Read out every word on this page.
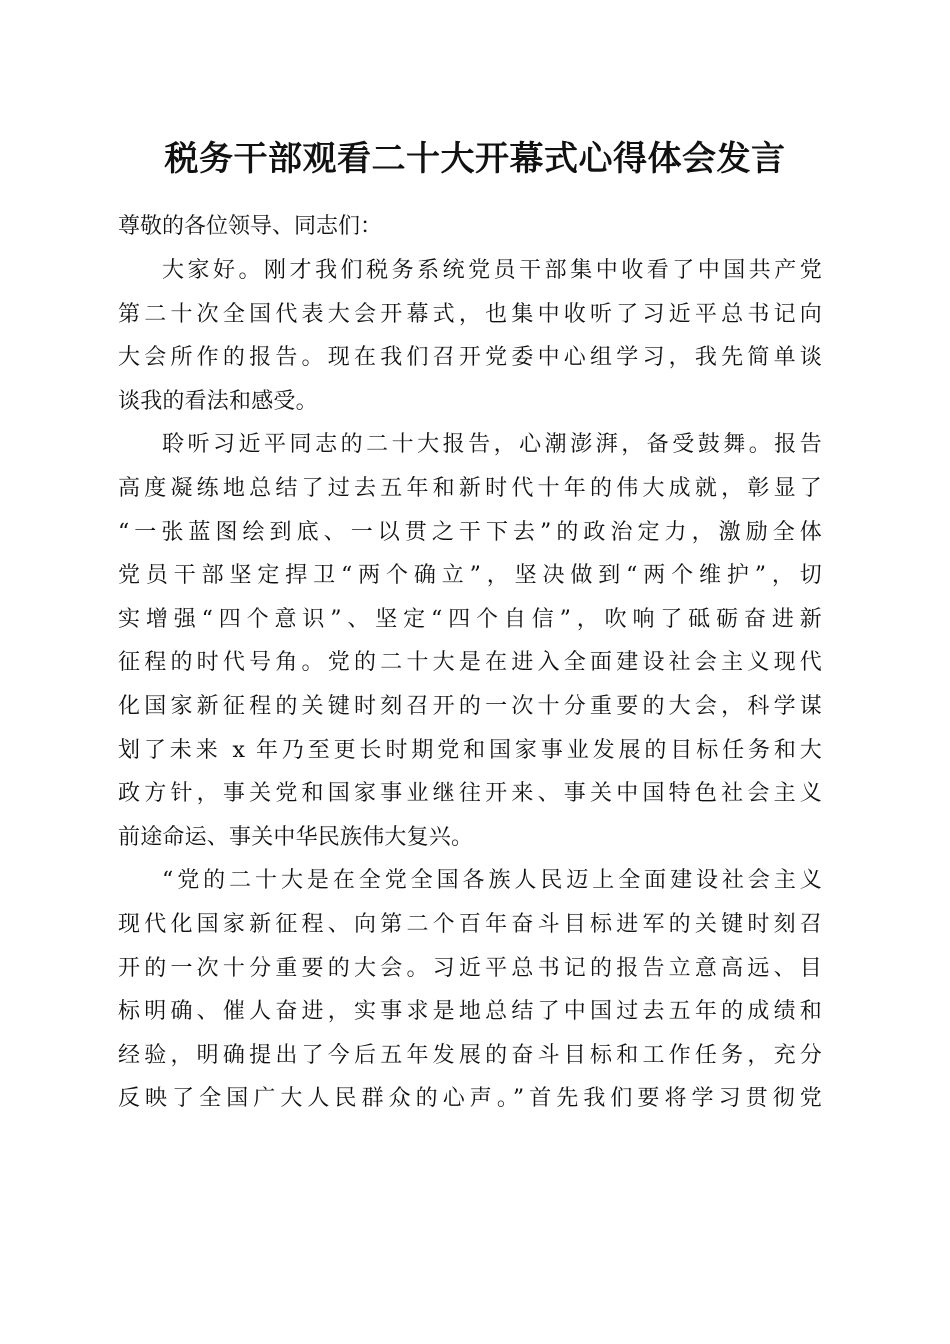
税务干部观看二十大开幕式心得体会发言

尊敬的各位领导、同志们：

大家好。刚才我们税务系统党员干部集中收看了中国共产党
第二十次全国代表大会开幕式，也集中收听了习近平总书记向
大会所作的报告。现在我们召开党委中心组学习，我先简单谈
谈我的看法和感受。

聆听习近平同志的二十大报告，心潮澎湃，备受鼓舞。报告
高度凝练地总结了过去五年和新时代十年的伟大成就，彰显了
“一张蓝图绘到底、一以贯之干下去”的政治定力，激励全体
党员干部坚定捍卫“两个确立”，坚决做到“两个维护”，切
实增强“四个意识”、坚定“四个自信”，吹响了砥砺奋进新
征程的时代号角。党的二十大是在进入全面建设社会主义现代
化国家新征程的关键时刻召开的一次十分重要的大会，科学谋
划了未来 x 年乃至更长时期党和国家事业发展的目标任务和大
政方针，事关党和国家事业继往开来、事关中国特色社会主义
前途命运、事关中华民族伟大复兴。

“党的二十大是在全党全国各族人民迈上全面建设社会主义
现代化国家新征程、向第二个百年奋斗目标进军的关键时刻召
开的一次十分重要的大会。习近平总书记的报告立意高远、目
标明确、催人奋进，实事求是地总结了中国过去五年的成绩和
经验，明确提出了今后五年发展的奋斗目标和工作任务，充分
反映了全国广大人民群众的心声。”首先我们要将学习贯彻党
